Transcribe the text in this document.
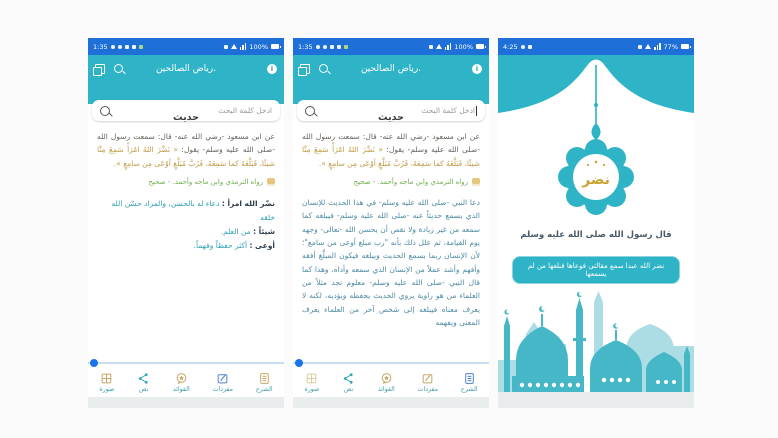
1:35	100%
رياض الصالحين.	i
ادخل كلمة البحث
حديث

عن ابن مسعود -رضي الله عنه- قال: سمعت رسول الله -صلى الله عليه وسلم- يقول: « نَضَّرَ اللهُ امْرَأً سَمِعَ مِنَّا شيئًا، فَبَلَّغَهُ كما سَمِعَهُ، فَرُبَّ مُبَلَّغٍ أوْعَى مِن سامِعٍ ».

رواه الترمذي وابن ماجه وأحمد. - صحيح

نضّر الله امرأ : دعاء له بالحسن، والمراد حسّن الله خلقه

شيئاً : من العلم.

أوعى : أكثر حفظاً وفهماً.

الشرح
مفردات
الفوائد
نص
صورة
1:35	100%
رياض الصالحين.	i
ادخل كلمة البحث
حديث

عن ابن مسعود -رضي الله عنه- قال: سمعت رسول الله -صلى الله عليه وسلم- يقول: « نَضَّرَ اللهُ امْرَأً سَمِعَ مِنَّا شيئًا، فَبَلَّغَهُ كما سَمِعَهُ، فَرُبَّ مُبَلَّغٍ أوْعَى مِن سامِعٍ ».

رواه الترمذي وابن ماجه وأحمد. - صحيح

دعا النبي -صلى الله عليه وسلم- في هذا الحديث للإنسان الذي يسمع حديثاً عنه -صلى الله عليه وسلم- فيبلغه كما سمعه من غير زيادة ولا نقص أن يحسن الله -تعالى- وجهه يوم القيامة، ثم علل ذلك بأنه "رب مبلغ أوعى من سامع"؛ لأن الإنسان ربما يسمع الحديث ويبلغه فيكون المبلَّغ أفقه وأفهم وأشد عملاً من الإنسان الذي سمعه وأداه، وهذا كما قال النبي -صلى الله عليه وسلم- معلوم تجد مثلاً من العلماء من هو راوية يروي الحديث يحفظه ويؤديه، لكنه لا يعرف معناه فيبلغه إلى شخص آخر من العلماء يعرف المعنى ويفهمه

الشرح
مفردات
الفوائد
نص
صورة
4:25	77%
نضر
قال رسول الله صلى الله عليه وسلم
نضر الله عبدا سمع مقالتي فوعاها فبلغها من لم يسمعها
